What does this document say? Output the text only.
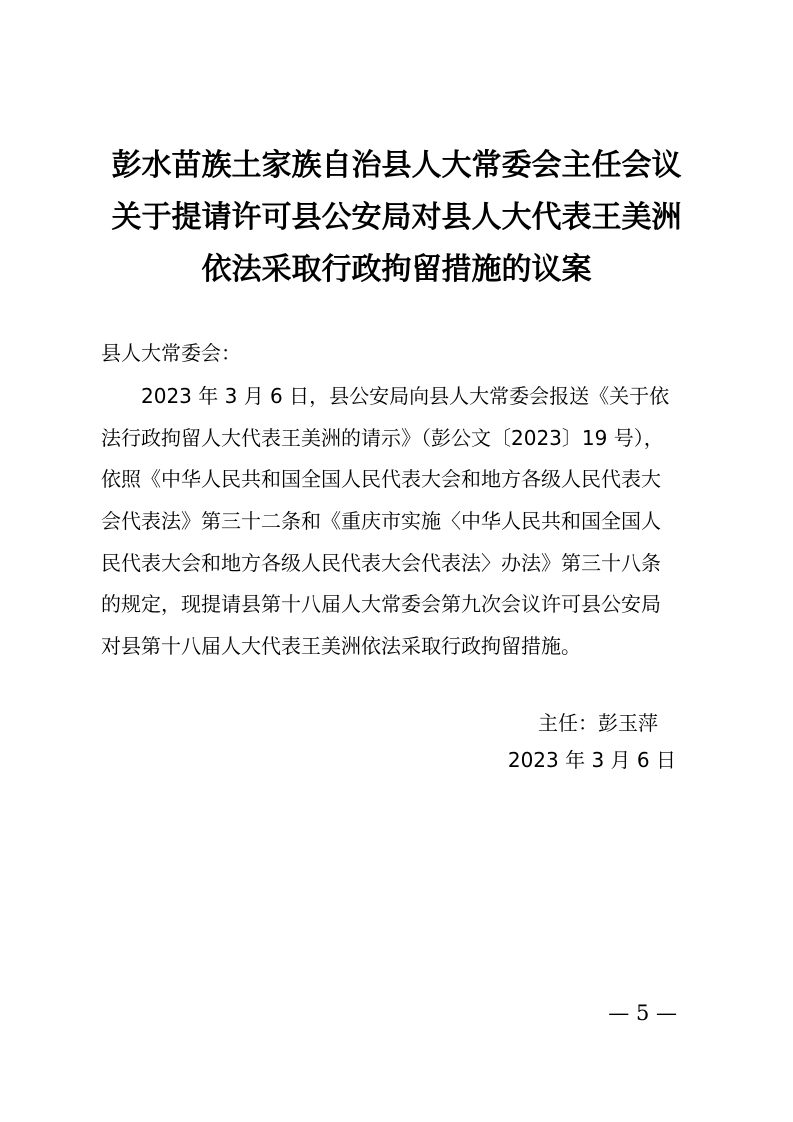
彭水苗族土家族自治县人大常委会主任会议
关于提请许可县公安局对县人大代表王美洲
依法采取行政拘留措施的议案
县人大常委会：
2023 年 3 月 6 日，县公安局向县人大常委会报送《关于依
法行政拘留人大代表王美洲的请示》（彭公文〔2023〕19 号），
依照《中华人民共和国全国人民代表大会和地方各级人民代表大
会代表法》第三十二条和《重庆市实施〈中华人民共和国全国人
民代表大会和地方各级人民代表大会代表法〉办法》第三十八条
的规定，现提请县第十八届人大常委会第九次会议许可县公安局
对县第十八届人大代表王美洲依法采取行政拘留措施。
主任：彭玉萍
2023 年 3 月 6 日
— 5 —
